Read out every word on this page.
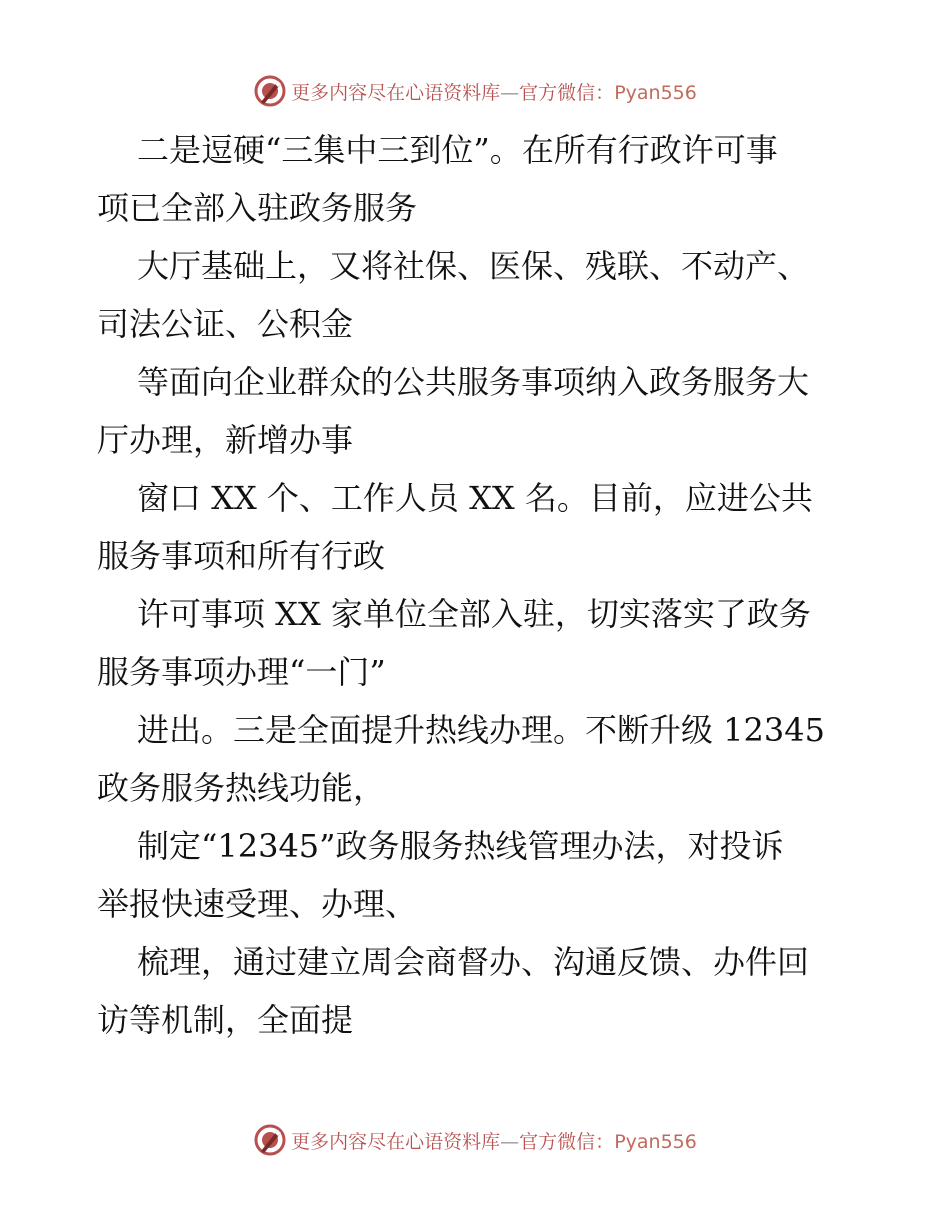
更多内容尽在心语资料库—官方微信：Pyan556
二是逗硬“三集中三到位”。在所有行政许可事
项已全部入驻政务服务
大厅基础上，又将社保、医保、残联、不动产、
司法公证、公积金
等面向企业群众的公共服务事项纳入政务服务大
厅办理，新增办事
窗口 XX 个、工作人员 XX 名。目前，应进公共
服务事项和所有行政
许可事项 XX 家单位全部入驻，切实落实了政务
服务事项办理“一门”
进出。三是全面提升热线办理。不断升级 12345
政务服务热线功能，
制定“12345”政务服务热线管理办法，对投诉
举报快速受理、办理、
梳理，通过建立周会商督办、沟通反馈、办件回
访等机制，全面提
更多内容尽在心语资料库—官方微信：Pyan556
